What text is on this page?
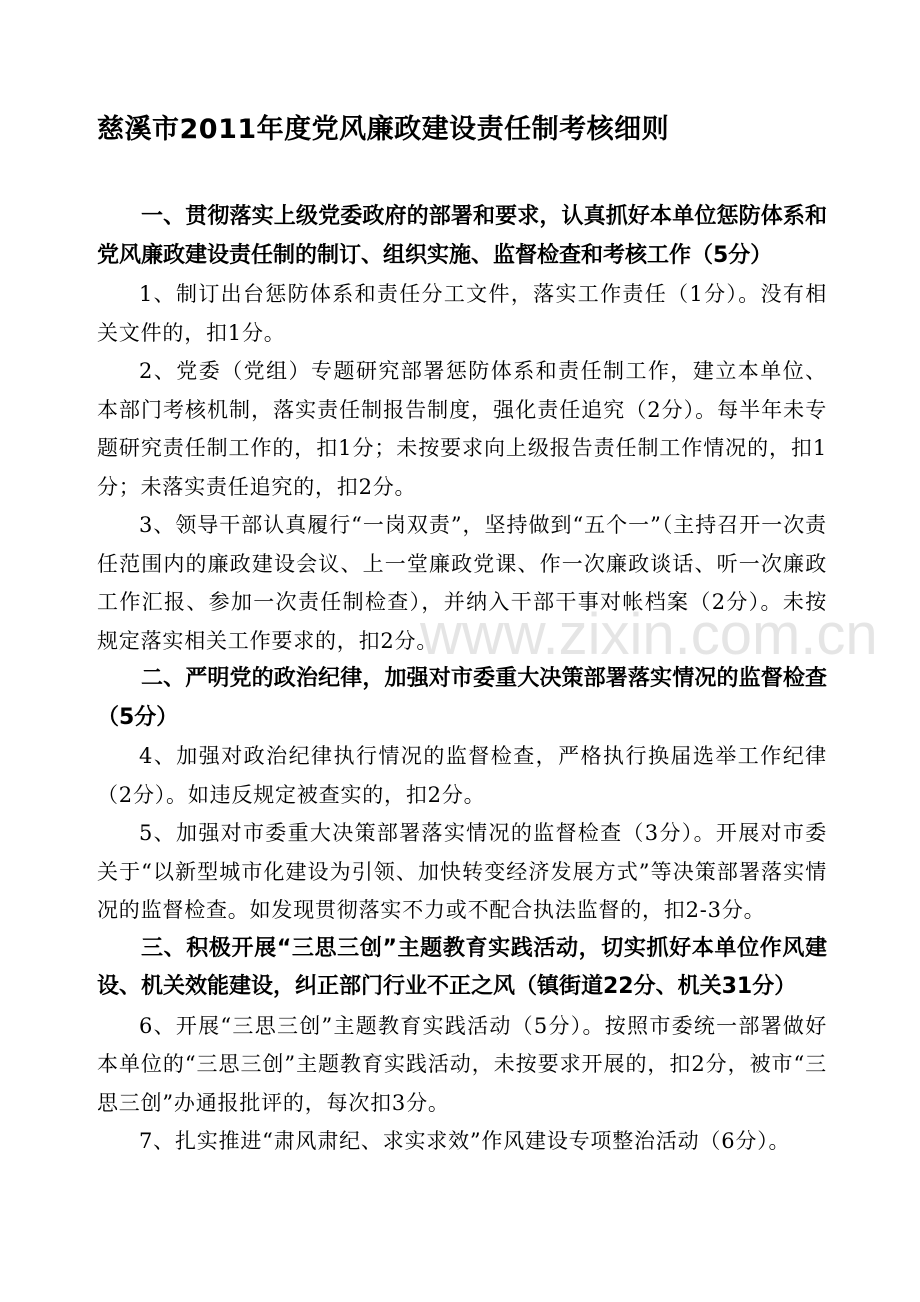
慈溪市2011年度党风廉政建设责任制考核细则

一、贯彻落实上级党委政府的部署和要求，认真抓好本单位惩防体系和党风廉政建设责任制的制订、组织实施、监督检查和考核工作（5分）

1、制订出台惩防体系和责任分工文件，落实工作责任（1分）。没有相关文件的，扣1分。

2、党委（党组）专题研究部署惩防体系和责任制工作，建立本单位、本部门考核机制，落实责任制报告制度，强化责任追究（2分）。每半年未专题研究责任制工作的，扣1分；未按要求向上级报告责任制工作情况的，扣1分；未落实责任追究的，扣2分。

3、领导干部认真履行“一岗双责”，坚持做到“五个一”（主持召开一次责任范围内的廉政建设会议、上一堂廉政党课、作一次廉政谈话、听一次廉政工作汇报、参加一次责任制检查），并纳入干部干事对帐档案（2分）。未按规定落实相关工作要求的，扣2分。

二、严明党的政治纪律，加强对市委重大决策部署落实情况的监督检查（5分）

4、加强对政治纪律执行情况的监督检查，严格执行换届选举工作纪律（2分）。如违反规定被查实的，扣2分。

5、加强对市委重大决策部署落实情况的监督检查（3分）。开展对市委关于“以新型城市化建设为引领、加快转变经济发展方式”等决策部署落实情况的监督检查。如发现贯彻落实不力或不配合执法监督的，扣2-3分。

三、积极开展“三思三创”主题教育实践活动，切实抓好本单位作风建设、机关效能建设，纠正部门行业不正之风（镇街道22分、机关31分）

6、开展“三思三创”主题教育实践活动（5分）。按照市委统一部署做好本单位的“三思三创”主题教育实践活动，未按要求开展的，扣2分，被市“三思三创”办通报批评的，每次扣3分。

7、扎实推进“肃风肃纪、求实求效”作风建设专项整治活动（6分）。

www.zixin.com.cn
